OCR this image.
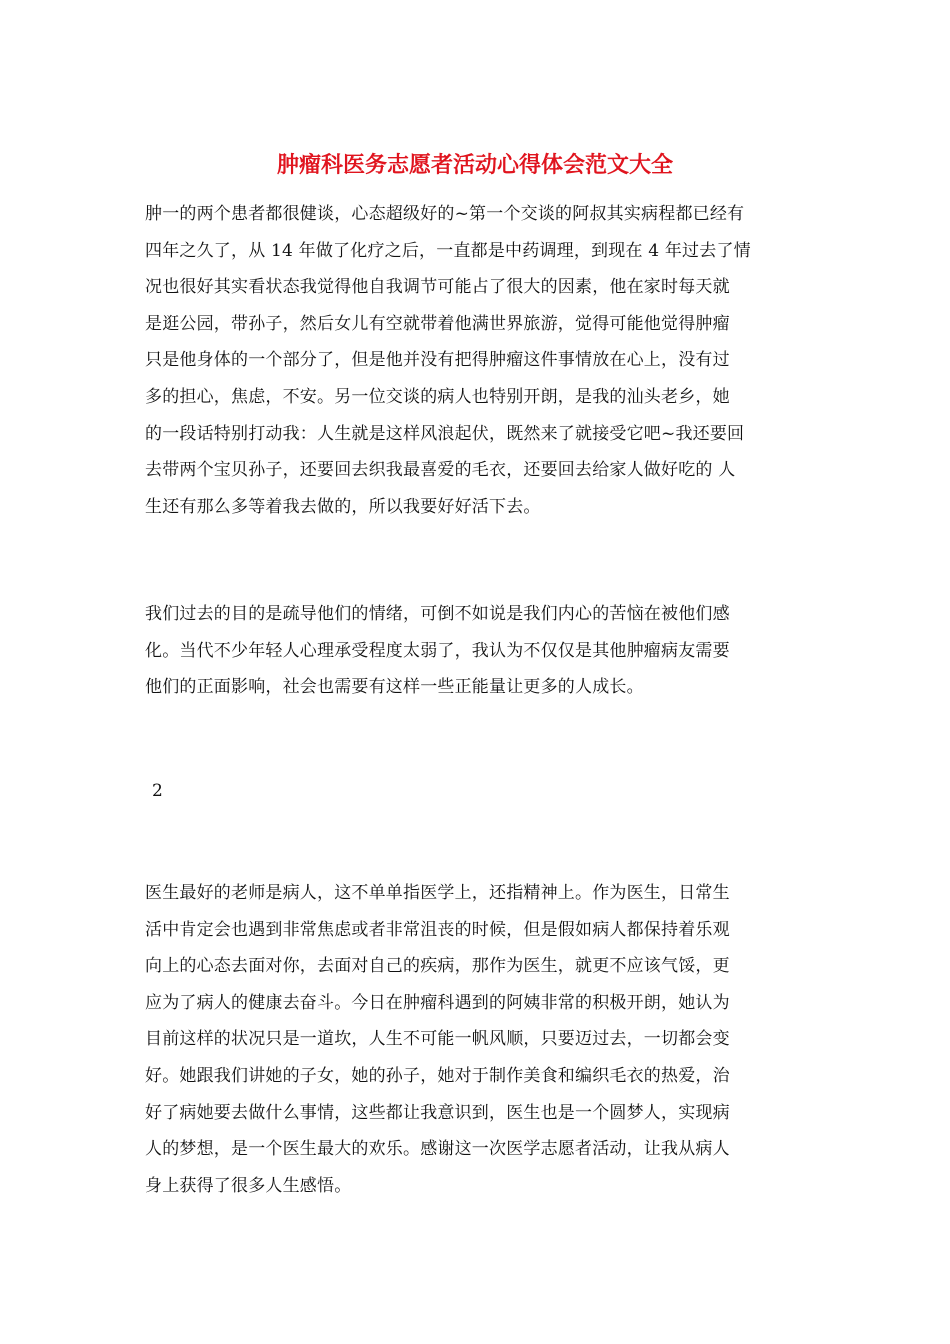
肿瘤科医务志愿者活动心得体会范文大全

肿一的两个患者都很健谈，心态超级好的~第一个交谈的阿叔其实病程都已经有
四年之久了，从 14 年做了化疗之后，一直都是中药调理，到现在 4 年过去了情
况也很好其实看状态我觉得他自我调节可能占了很大的因素，他在家时每天就
是逛公园，带孙子，然后女儿有空就带着他满世界旅游，觉得可能他觉得肿瘤
只是他身体的一个部分了，但是他并没有把得肿瘤这件事情放在心上，没有过
多的担心，焦虑，不安。另一位交谈的病人也特别开朗，是我的汕头老乡，她
的一段话特别打动我：人生就是这样风浪起伏，既然来了就接受它吧~我还要回
去带两个宝贝孙子，还要回去织我最喜爱的毛衣，还要回去给家人做好吃的 人
生还有那么多等着我去做的，所以我要好好活下去。

我们过去的目的是疏导他们的情绪，可倒不如说是我们内心的苦恼在被他们感
化。当代不少年轻人心理承受程度太弱了，我认为不仅仅是其他肿瘤病友需要
他们的正面影响，社会也需要有这样一些正能量让更多的人成长。

2

医生最好的老师是病人，这不单单指医学上，还指精神上。作为医生，日常生
活中肯定会也遇到非常焦虑或者非常沮丧的时候，但是假如病人都保持着乐观
向上的心态去面对你，去面对自己的疾病，那作为医生，就更不应该气馁，更
应为了病人的健康去奋斗。今日在肿瘤科遇到的阿姨非常的积极开朗，她认为
目前这样的状况只是一道坎，人生不可能一帆风顺，只要迈过去，一切都会变
好。她跟我们讲她的子女，她的孙子，她对于制作美食和编织毛衣的热爱，治
好了病她要去做什么事情，这些都让我意识到，医生也是一个圆梦人，实现病
人的梦想，是一个医生最大的欢乐。感谢这一次医学志愿者活动，让我从病人
身上获得了很多人生感悟。
